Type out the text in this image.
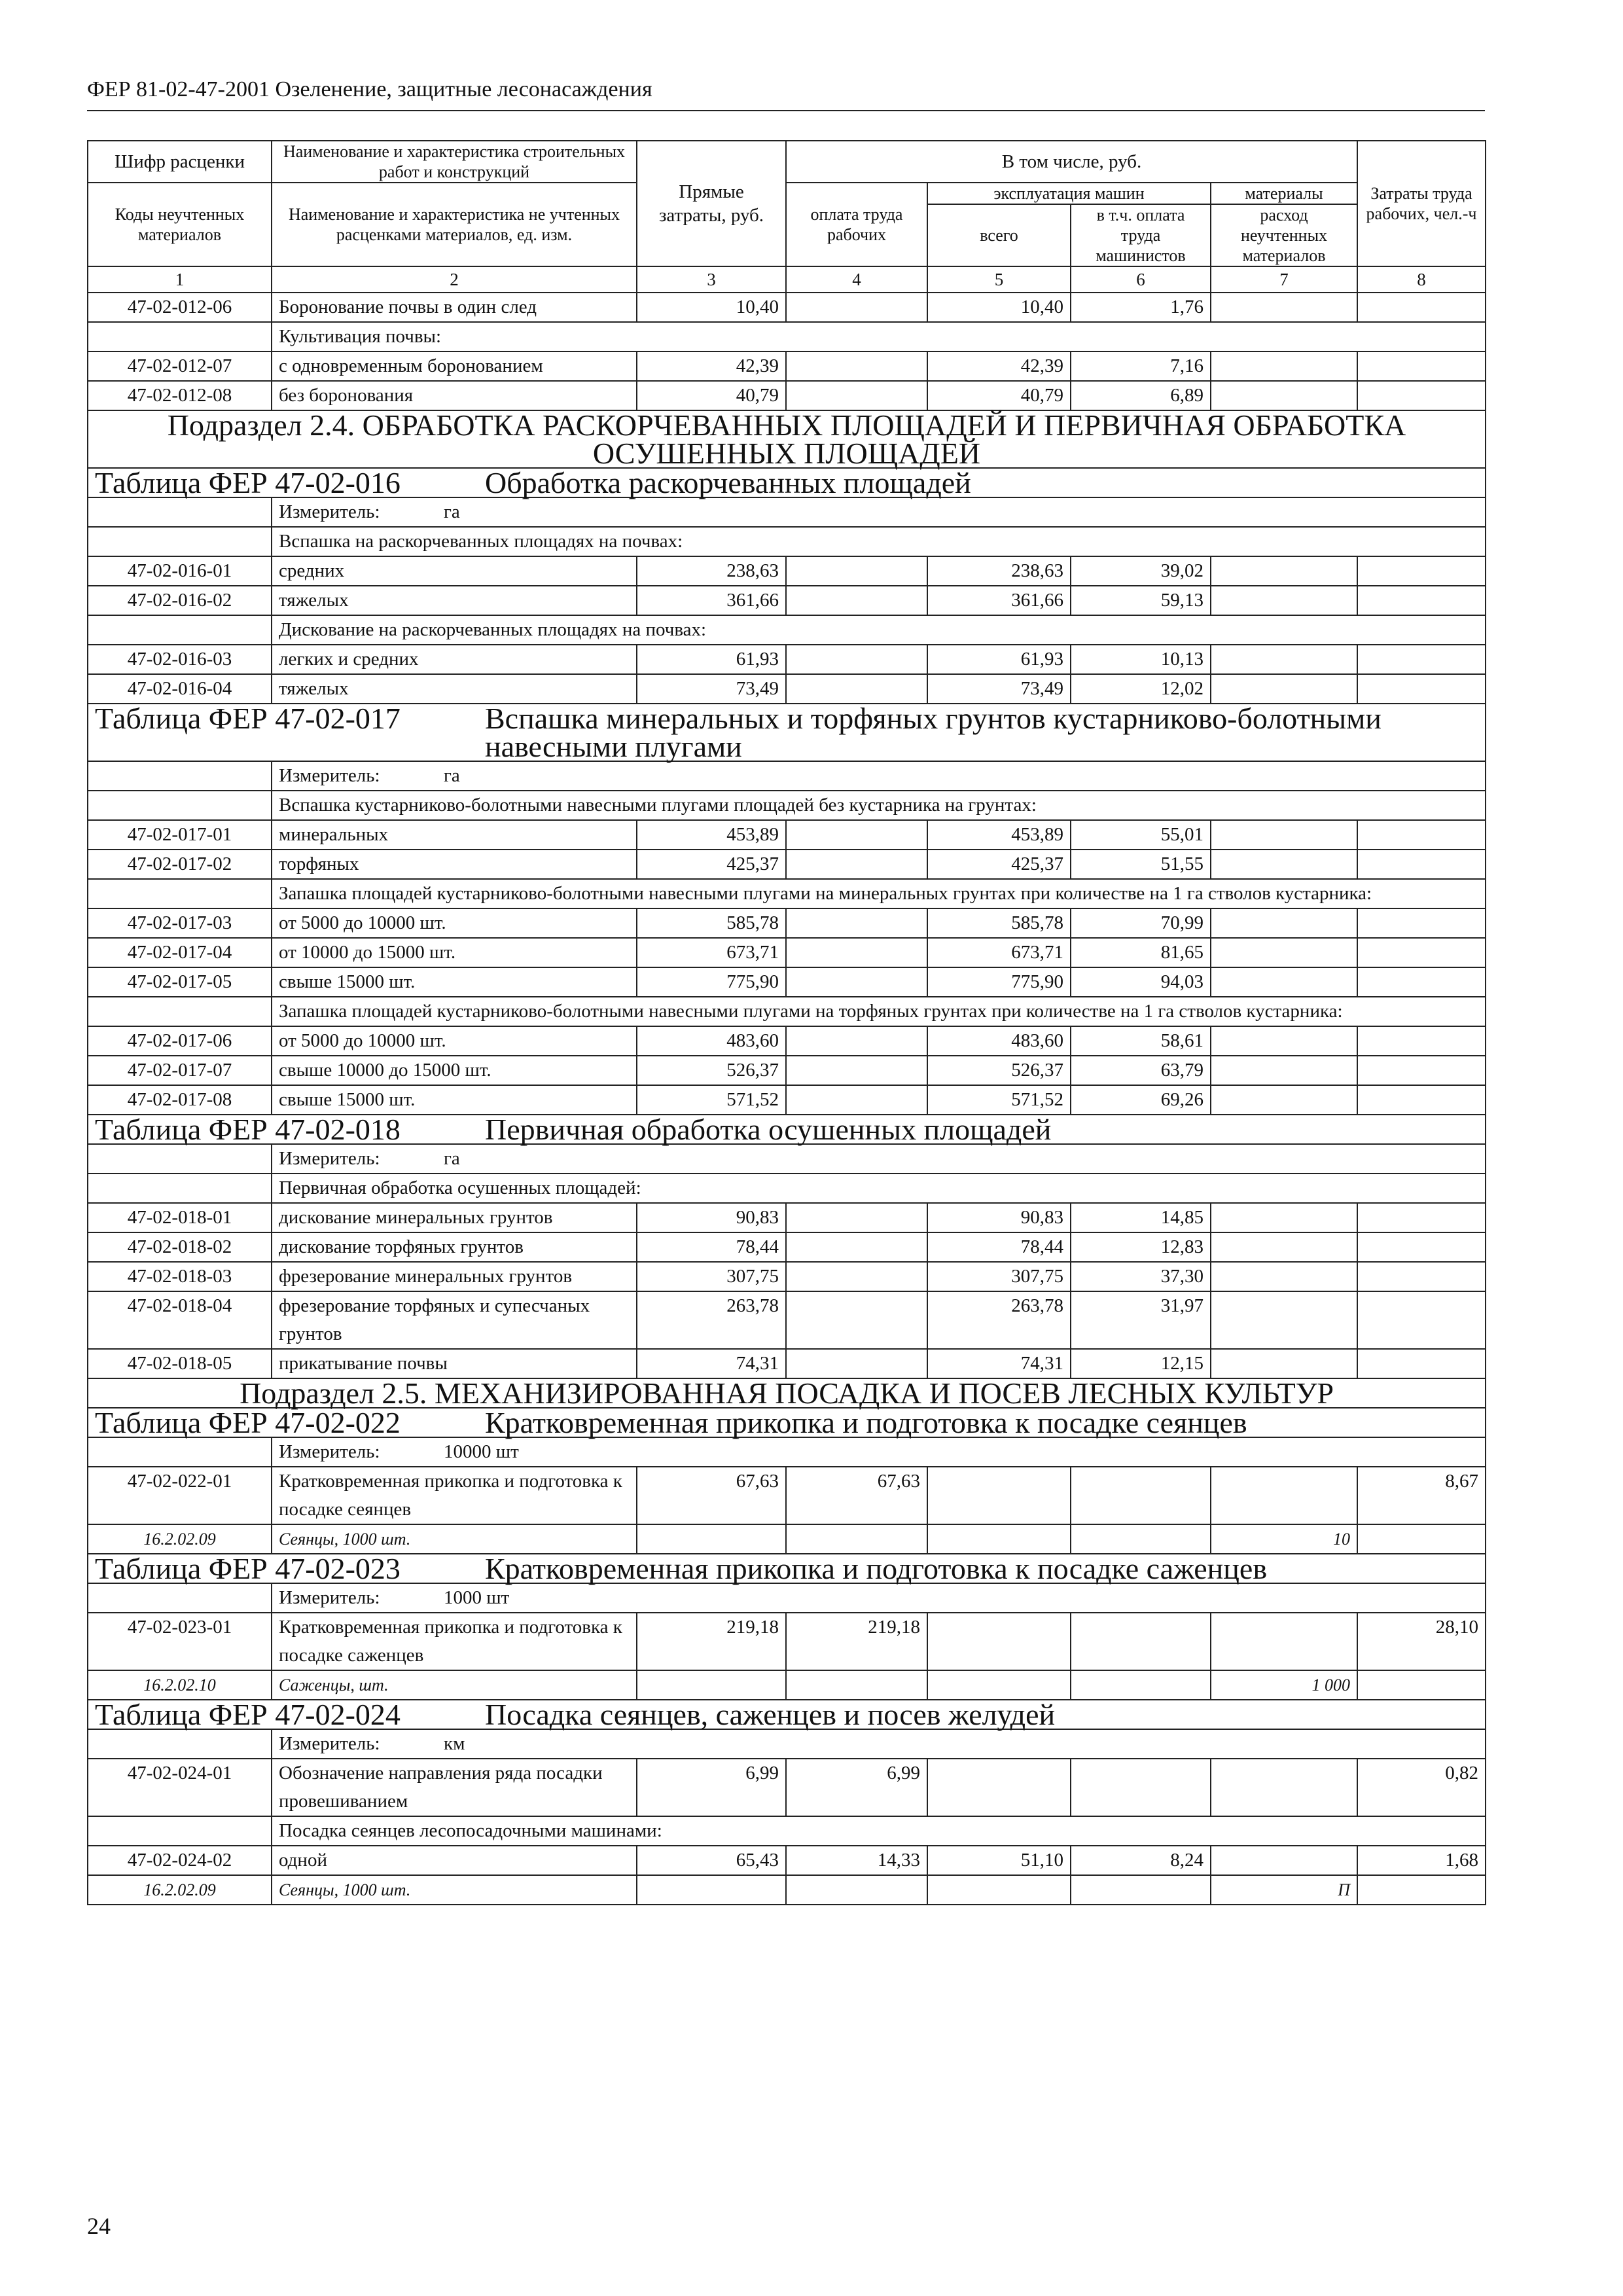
ФЕР 81-02-47-2001 Озеленение, защитные лесонасаждения
Шифр расценки	Наименование и характеристика строительных работ и конструкций	Прямые затраты, руб.	В том числе, руб.				Затраты труда рабочих, чел.-ч
Коды неучтенных материалов	Наименование и характеристика не учтенных расценками материалов, ед. изм.		оплата труда рабочих	эксплуатация машин		материалы	
				всего	в т.ч. оплата труда машинистов	расход неучтенных материалов	
1	2	3	4	5	6	7	8
47-02-012-06	Боронование почвы в один след	10,40		10,40	1,76		
	Культивация почвы:						
47-02-012-07	с одновременным боронованием	42,39		42,39	7,16		
47-02-012-08	без боронования	40,79		40,79	6,89		
Подраздел 2.4. ОБРАБОТКА РАСКОРЧЕВАННЫХ ПЛОЩАДЕЙ И ПЕРВИЧНАЯ ОБРАБОТКА ОСУШЕННЫХ ПЛОЩАДЕЙ							
Таблица ФЕР 47-02-016 Обработка раскорчеванных площадей							
	Измеритель: га						
	Вспашка на раскорчеванных площадях на почвах:						
47-02-016-01	средних	238,63		238,63	39,02		
47-02-016-02	тяжелых	361,66		361,66	59,13		
	Дискование на раскорчеванных площадях на почвах:						
47-02-016-03	легких и средних	61,93		61,93	10,13		
47-02-016-04	тяжелых	73,49		73,49	12,02		
Таблица ФЕР 47-02-017 Вспашка минеральных и торфяных грунтов кустарниково-болотными навесными плугами							
	Измеритель: га						
	Вспашка кустарниково-болотными навесными плугами площадей без кустарника на грунтах:						
47-02-017-01	минеральных	453,89		453,89	55,01		
47-02-017-02	торфяных	425,37		425,37	51,55		
	Запашка площадей кустарниково-болотными навесными плугами на минеральных грунтах при количестве на 1 га стволов кустарника:						
47-02-017-03	от 5000 до 10000 шт.	585,78		585,78	70,99		
47-02-017-04	от 10000 до 15000 шт.	673,71		673,71	81,65		
47-02-017-05	свыше 15000 шт.	775,90		775,90	94,03		
	Запашка площадей кустарниково-болотными навесными плугами на торфяных грунтах при количестве на 1 га стволов кустарника:						
47-02-017-06	от 5000 до 10000 шт.	483,60		483,60	58,61		
47-02-017-07	свыше 10000 до 15000 шт.	526,37		526,37	63,79		
47-02-017-08	свыше 15000 шт.	571,52		571,52	69,26		
Таблица ФЕР 47-02-018 Первичная обработка осушенных площадей							
	Измеритель: га						
	Первичная обработка осушенных площадей:						
47-02-018-01	дискование минеральных грунтов	90,83		90,83	14,85		
47-02-018-02	дискование торфяных грунтов	78,44		78,44	12,83		
47-02-018-03	фрезерование минеральных грунтов	307,75		307,75	37,30		
47-02-018-04	фрезерование торфяных и супесчаных грунтов	263,78		263,78	31,97		
47-02-018-05	прикатывание почвы	74,31		74,31	12,15		
Подраздел 2.5. МЕХАНИЗИРОВАННАЯ ПОСАДКА И ПОСЕВ ЛЕСНЫХ КУЛЬТУР							
Таблица ФЕР 47-02-022 Кратковременная прикопка и подготовка к посадке сеянцев							
	Измеритель: 10000 шт						
47-02-022-01	Кратковременная прикопка и подготовка к посадке сеянцев	67,63	67,63				8,67
16.2.02.09	Сеянцы, 1000 шт.					10	
Таблица ФЕР 47-02-023 Кратковременная прикопка и подготовка к посадке саженцев							
	Измеритель: 1000 шт						
47-02-023-01	Кратковременная прикопка и подготовка к посадке саженцев	219,18	219,18				28,10
16.2.02.10	Саженцы, шт.					1 000	
Таблица ФЕР 47-02-024 Посадка сеянцев, саженцев и посев желудей							
	Измеритель: км						
47-02-024-01	Обозначение направления ряда посадки провешиванием	6,99	6,99				0,82
	Посадка сеянцев лесопосадочными машинами:						
47-02-024-02	одной	65,43	14,33	51,10	8,24		1,68
16.2.02.09	Сеянцы, 1000 шт.					П	
24
